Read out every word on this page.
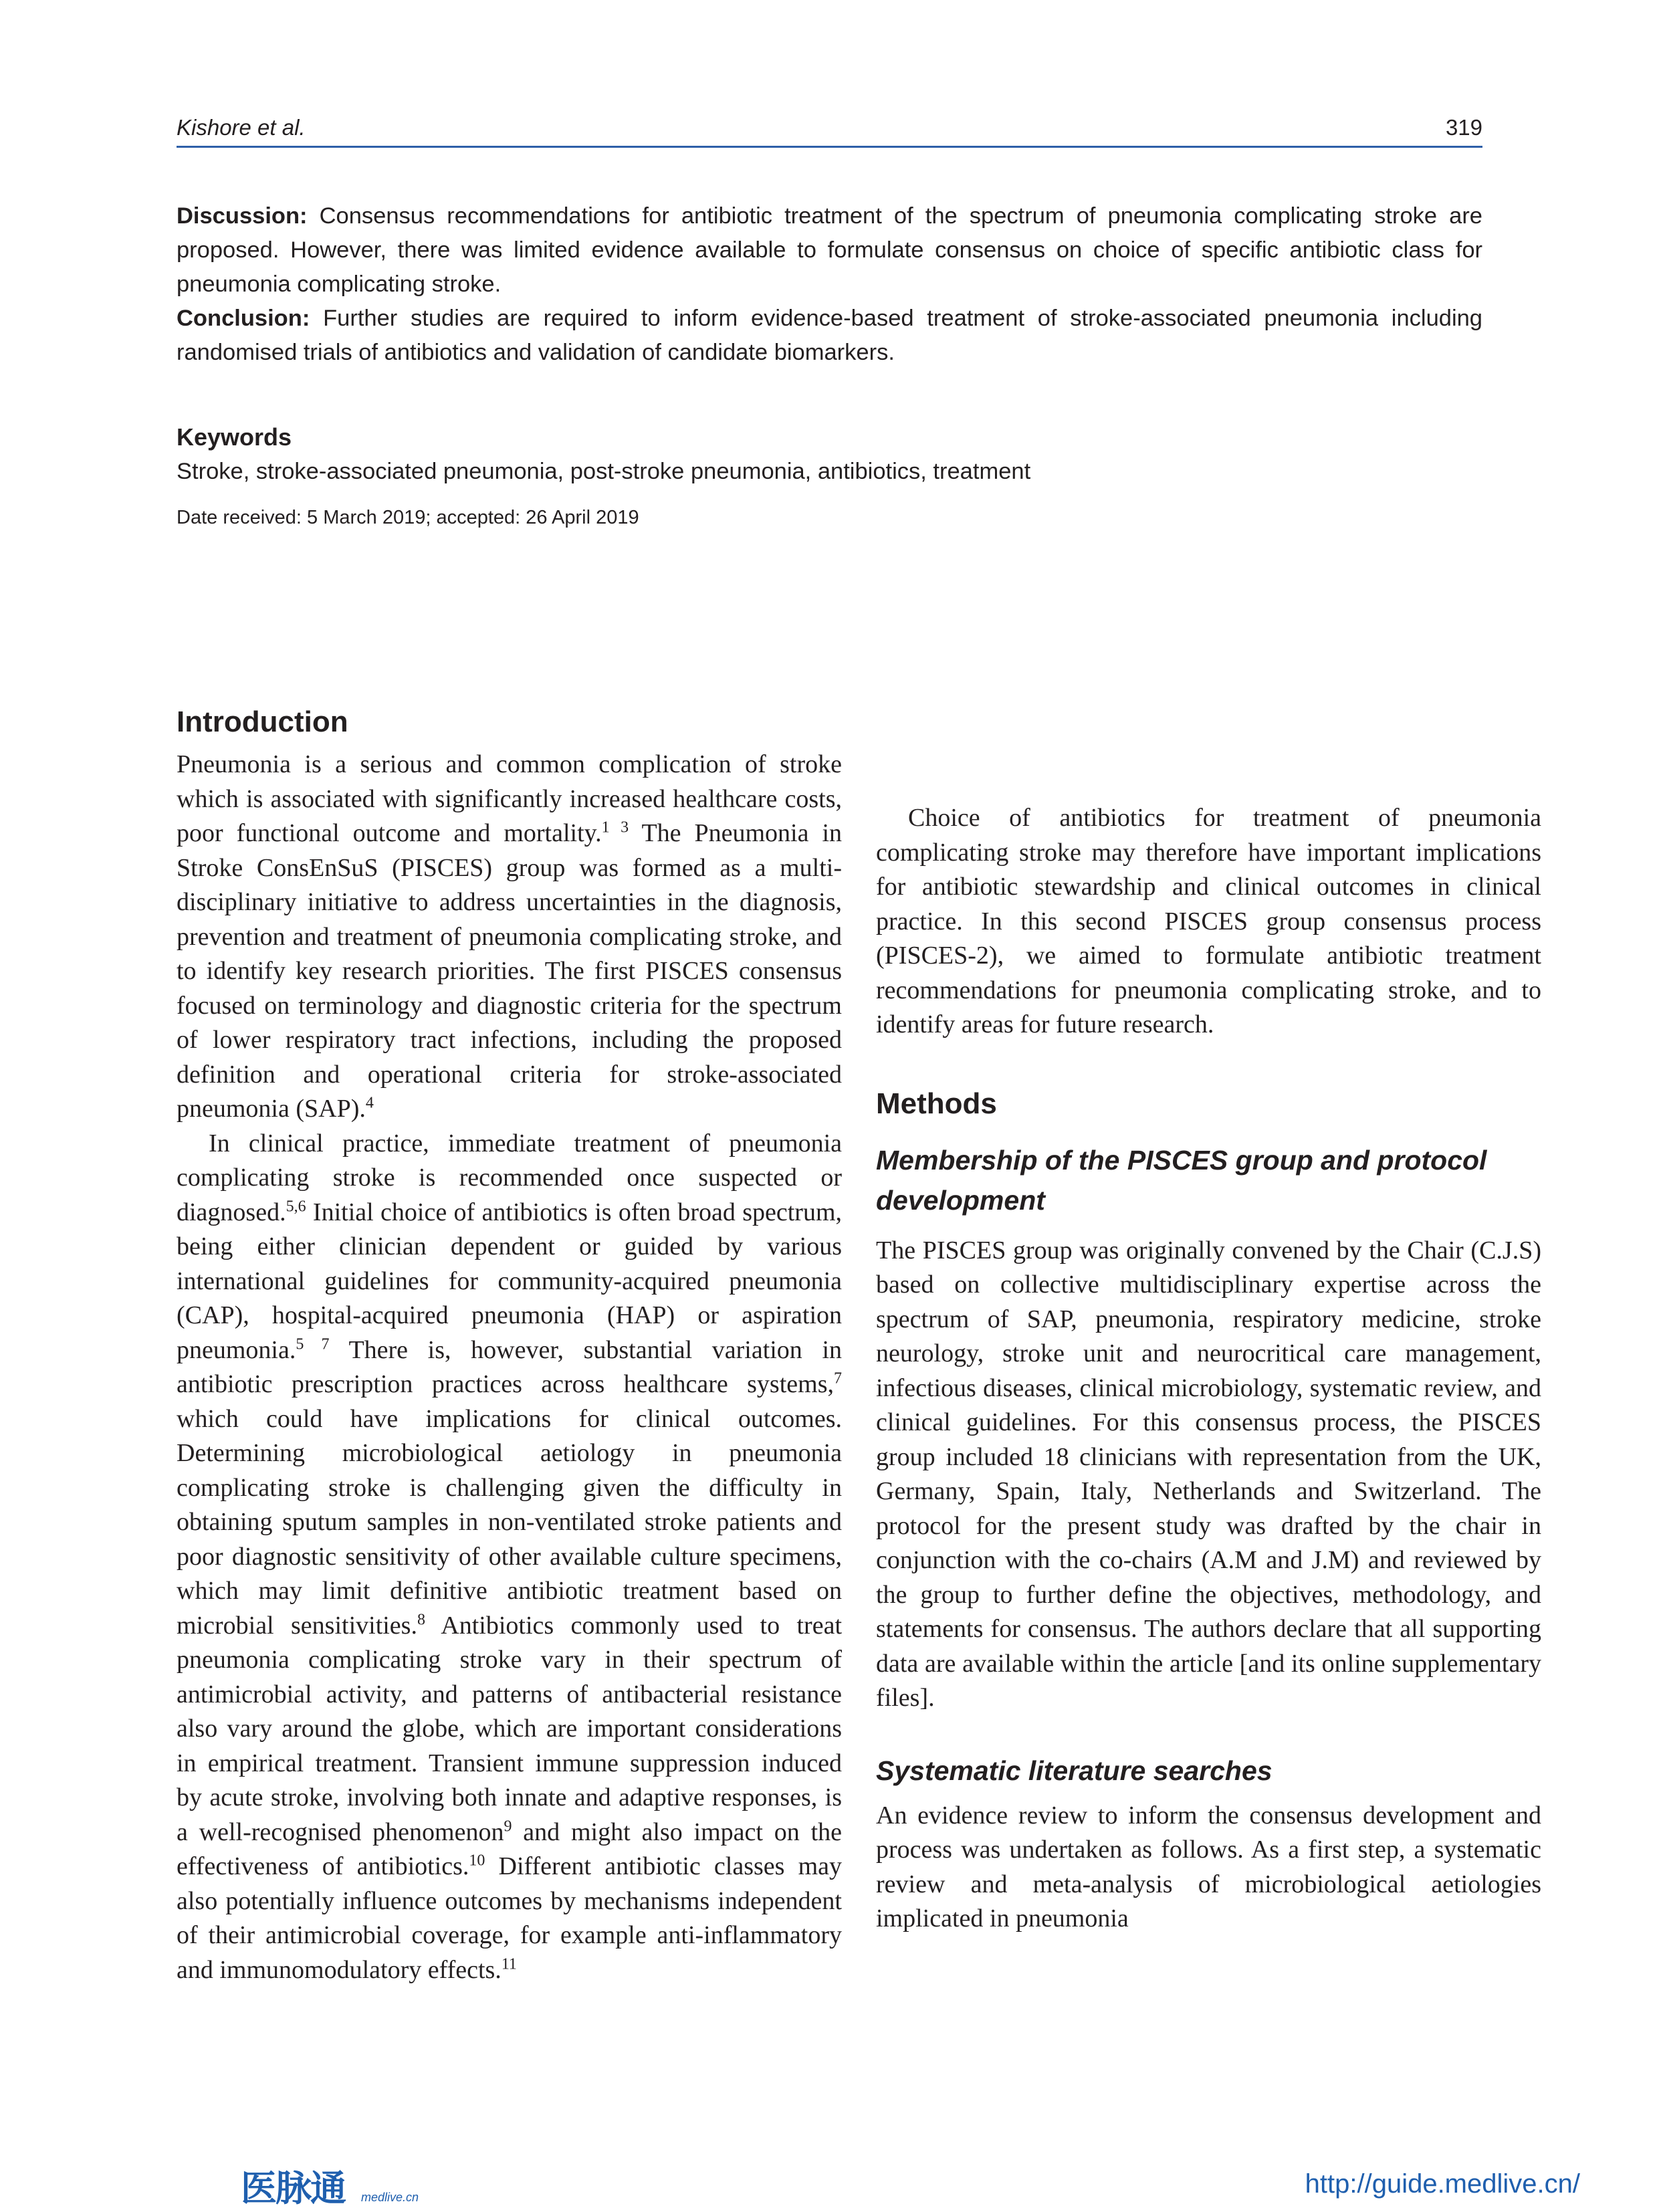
Kishore et al.	319

Discussion: Consensus recommendations for antibiotic treatment of the spectrum of pneumonia complicating stroke are proposed. However, there was limited evidence available to formulate consensus on choice of specific antibiotic class for pneumonia complicating stroke.

Conclusion: Further studies are required to inform evidence-based treatment of stroke-associated pneumonia including randomised trials of antibiotics and validation of candidate biomarkers.

Keywords

Stroke, stroke-associated pneumonia, post-stroke pneumonia, antibiotics, treatment

Date received: 5 March 2019; accepted: 26 April 2019
Introduction

Pneumonia is a serious and common complication of stroke which is associated with significantly increased healthcare costs, poor functional outcome and mortality.$^{1 3}$ The Pneumonia in Stroke ConsEnSuS (PISCES) group was formed as a multi-disciplinary initiative to address uncertainties in the diagnosis, prevention and treatment of pneumonia complicating stroke, and to identify key research priorities. The first PISCES consensus focused on terminology and diagnostic criteria for the spectrum of lower respiratory tract infections, including the proposed definition and operational criteria for stroke-associated pneumonia (SAP).$^4$

In clinical practice, immediate treatment of pneumonia complicating stroke is recommended once suspected or diagnosed.$^{5,6}$ Initial choice of antibiotics is often broad spectrum, being either clinician dependent or guided by various international guidelines for community-acquired pneumonia (CAP), hospital-acquired pneumonia (HAP) or aspiration pneumonia.$^{5 7}$ There is, however, substantial variation in antibiotic prescription practices across healthcare systems,$^7$ which could have implications for clinical outcomes. Determining microbiological aetiology in pneumonia complicating stroke is challenging given the difficulty in obtaining sputum samples in non-ventilated stroke patients and poor diagnostic sensitivity of other available culture specimens, which may limit definitive antibiotic treatment based on microbial sensitivities.$^8$ Antibiotics commonly used to treat pneumonia complicating stroke vary in their spectrum of antimicrobial activity, and patterns of antibacterial resistance also vary around the globe, which are important considerations in empirical treatment. Transient immune suppression induced by acute stroke, involving both innate and adaptive responses, is a well-recognised phenomenon$^9$ and might also impact on the effectiveness of antibiotics.$^{10}$ Different antibiotic classes may also potentially influence outcomes by mechanisms independent of their antimicrobial coverage, for example anti-inflammatory and immunomodulatory effects.$^{11}$

Choice of antibiotics for treatment of pneumonia complicating stroke may therefore have important implications for antibiotic stewardship and clinical outcomes in clinical practice. In this second PISCES group consensus process (PISCES-2), we aimed to formulate antibiotic treatment recommendations for pneumonia complicating stroke, and to identify areas for future research.

Methods
Membership of the PISCES group and protocol development

The PISCES group was originally convened by the Chair (C.J.S) based on collective multidisciplinary expertise across the spectrum of SAP, pneumonia, respiratory medicine, stroke neurology, stroke unit and neurocritical care management, infectious diseases, clinical microbiology, systematic review, and clinical guidelines. For this consensus process, the PISCES group included 18 clinicians with representation from the UK, Germany, Spain, Italy, Netherlands and Switzerland. The protocol for the present study was drafted by the chair in conjunction with the co-chairs (A.M and J.M) and reviewed by the group to further define the objectives, methodology, and statements for consensus. The authors declare that all supporting data are available within the article [and its online supplementary files].

Systematic literature searches

An evidence review to inform the consensus development and process was undertaken as follows. As a first step, a systematic review and meta-analysis of microbiological aetiologies implicated in pneumonia

医脉通 medlive.cn	http://guide.medlive.cn/
